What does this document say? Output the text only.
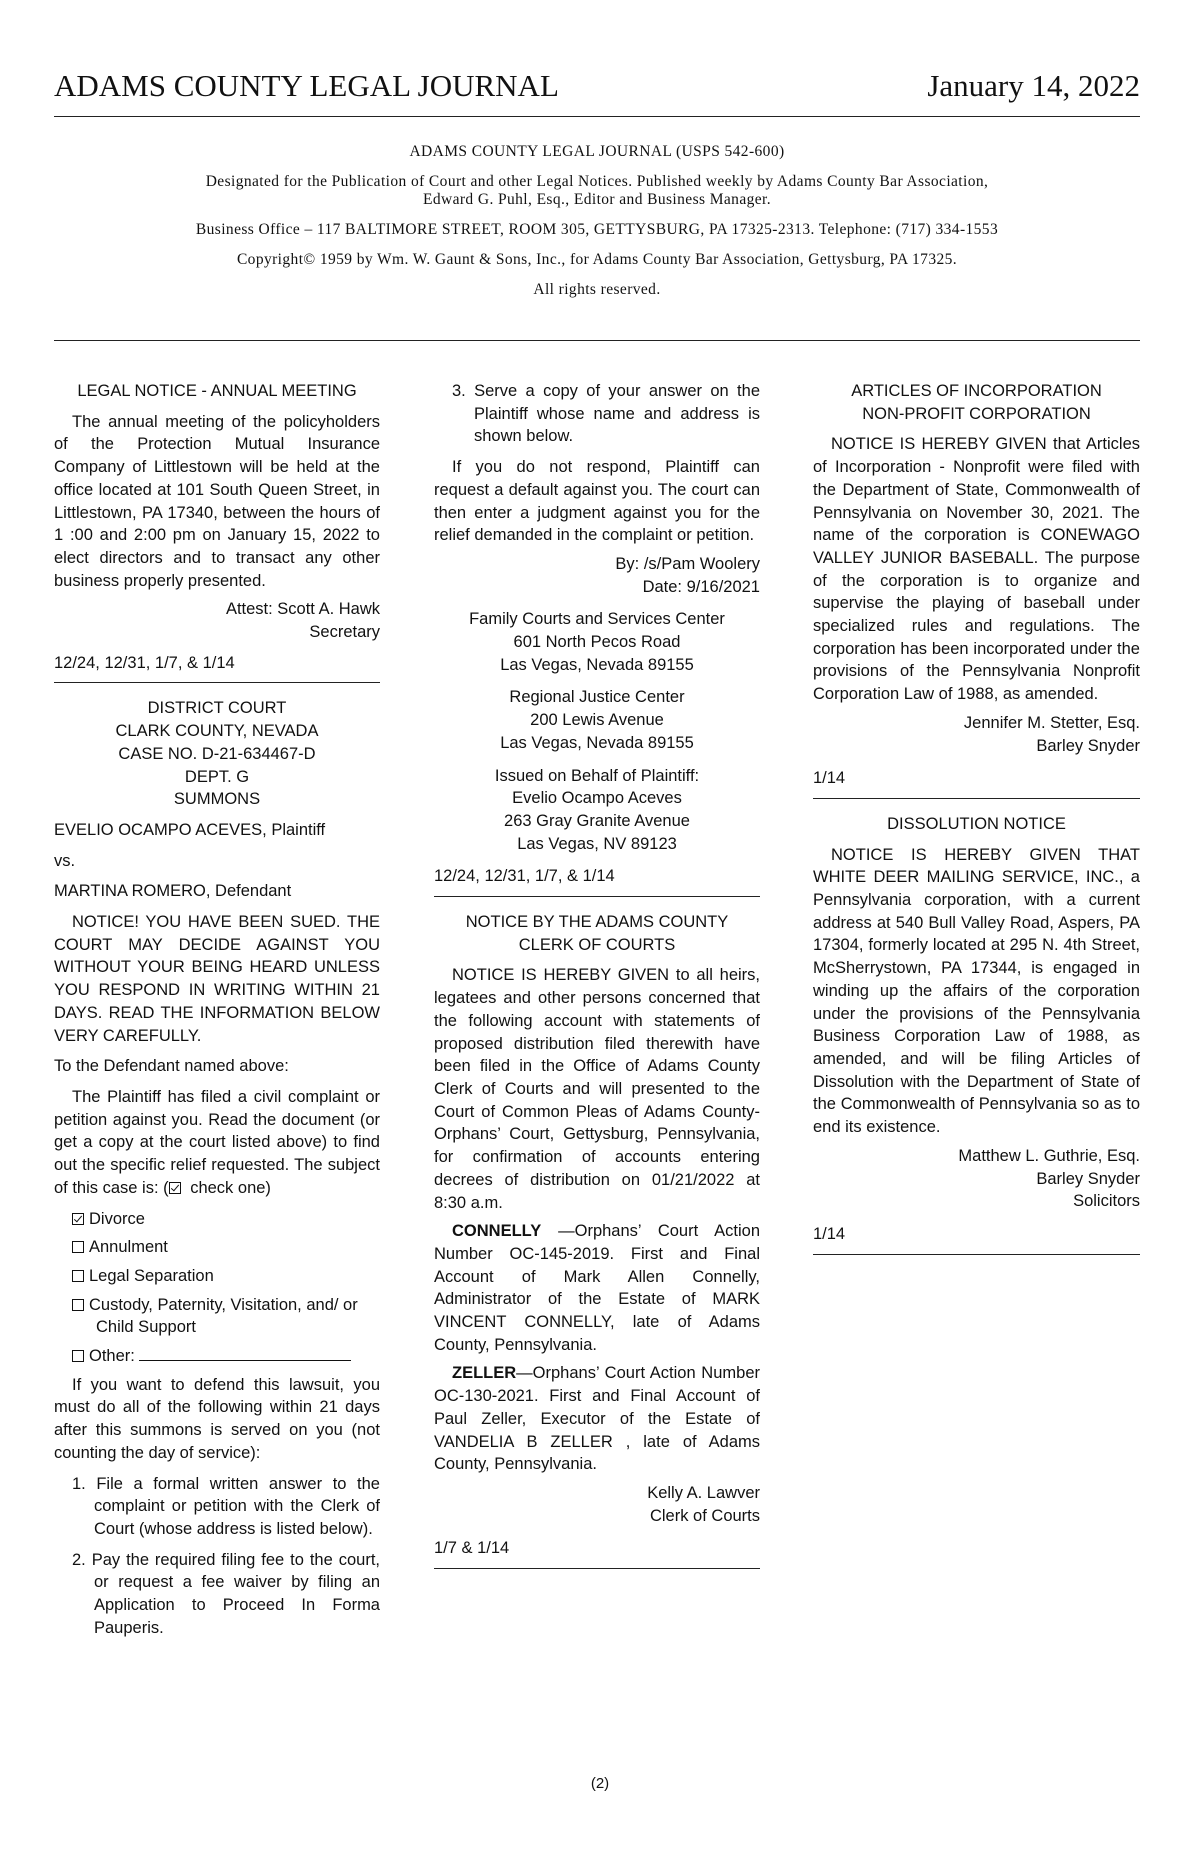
ADAMS COUNTY LEGAL JOURNAL	January 14, 2022

ADAMS COUNTY LEGAL JOURNAL (USPS 542-600)

Designated for the Publication of Court and other Legal Notices. Published weekly by Adams County Bar Association,

Edward G. Puhl, Esq., Editor and Business Manager.

Business Office – 117 BALTIMORE STREET, ROOM 305, GETTYSBURG, PA 17325-2313. Telephone: (717) 334-1553

Copyright© 1959 by Wm. W. Gaunt & Sons, Inc., for Adams County Bar Association, Gettysburg, PA 17325.

All rights reserved.

LEGAL NOTICE - ANNUAL MEETING

The annual meeting of the policyholders of the Protection Mutual Insurance Company of Littlestown will be held at the office located at 101 South Queen Street, in Littlestown, PA 17340, between the hours of 1 :00 and 2:00 pm on January 15, 2022 to elect directors and to transact any other business properly presented.

Attest: Scott A. Hawk

Secretary

12/24, 12/31, 1/7, & 1/14

DISTRICT COURT

CLARK COUNTY, NEVADA

CASE NO. D-21-634467-D

DEPT. G

SUMMONS

EVELIO OCAMPO ACEVES, Plaintiff

vs.

MARTINA ROMERO, Defendant

NOTICE! YOU HAVE BEEN SUED. THE COURT MAY DECIDE AGAINST YOU WITHOUT YOUR BEING HEARD UNLESS YOU RESPOND IN WRITING WITHIN 21 DAYS. READ THE INFORMATION BELOW VERY CAREFULLY.

To the Defendant named above:

The Plaintiff has filed a civil complaint or petition against you. Read the document (or get a copy at the court listed above) to find out the specific relief requested. The subject of this case is: ( check one)

Divorce

Annulment

Legal Separation

Custody, Paternity, Visitation, and/ or Child Support

Other:

If you want to defend this lawsuit, you must do all of the following within 21 days after this summons is served on you (not counting the day of service):

1. File a formal written answer to the complaint or petition with the Clerk of Court (whose address is listed below).

2. Pay the required filing fee to the court, or request a fee waiver by filing an Application to Proceed In Forma Pauperis.

3. Serve a copy of your answer on the Plaintiff whose name and address is shown below.

If you do not respond, Plaintiff can request a default against you. The court can then enter a judgment against you for the relief demanded in the complaint or petition.

By: /s/Pam Woolery

Date: 9/16/2021

Family Courts and Services Center

601 North Pecos Road

Las Vegas, Nevada 89155

Regional Justice Center

200 Lewis Avenue

Las Vegas, Nevada 89155

Issued on Behalf of Plaintiff:

Evelio Ocampo Aceves

263 Gray Granite Avenue

Las Vegas, NV 89123

12/24, 12/31, 1/7, & 1/14

NOTICE BY THE ADAMS COUNTY

CLERK OF COURTS

NOTICE IS HEREBY GIVEN to all heirs, legatees and other persons concerned that the following account with statements of proposed distribution filed therewith have been filed in the Office of Adams County Clerk of Courts and will presented to the Court of Common Pleas of Adams County-Orphans’ Court, Gettysburg, Pennsylvania, for confirmation of accounts entering decrees of distribution on 01/21/2022 at 8:30 a.m.

CONNELLY —Orphans’ Court Action Number OC-145-2019. First and Final Account of Mark Allen Connelly, Administrator of the Estate of MARK VINCENT CONNELLY, late of Adams County, Pennsylvania.

ZELLER—Orphans’ Court Action Number OC-130-2021. First and Final Account of Paul Zeller, Executor of the Estate of VANDELIA B ZELLER , late of Adams County, Pennsylvania.

Kelly A. Lawver

Clerk of Courts

1/7 & 1/14

ARTICLES OF INCORPORATION

NON-PROFIT CORPORATION

NOTICE IS HEREBY GIVEN that Articles of Incorporation - Nonprofit were filed with the Department of State, Commonwealth of Pennsylvania on November 30, 2021. The name of the corporation is CONEWAGO VALLEY JUNIOR BASEBALL. The purpose of the corporation is to organize and supervise the playing of baseball under specialized rules and regulations. The corporation has been incorporated under the provisions of the Pennsylvania Nonprofit Corporation Law of 1988, as amended.

Jennifer M. Stetter, Esq.

Barley Snyder

1/14

DISSOLUTION NOTICE

NOTICE IS HEREBY GIVEN THAT WHITE DEER MAILING SERVICE, INC., a Pennsylvania corporation, with a current address at 540 Bull Valley Road, Aspers, PA 17304, formerly located at 295 N. 4th Street, McSherrystown, PA 17344, is engaged in winding up the affairs of the corporation under the provisions of the Pennsylvania Business Corporation Law of 1988, as amended, and will be filing Articles of Dissolution with the Department of State of the Commonwealth of Pennsylvania so as to end its existence.

Matthew L. Guthrie, Esq.

Barley Snyder

Solicitors

1/14

(2)
